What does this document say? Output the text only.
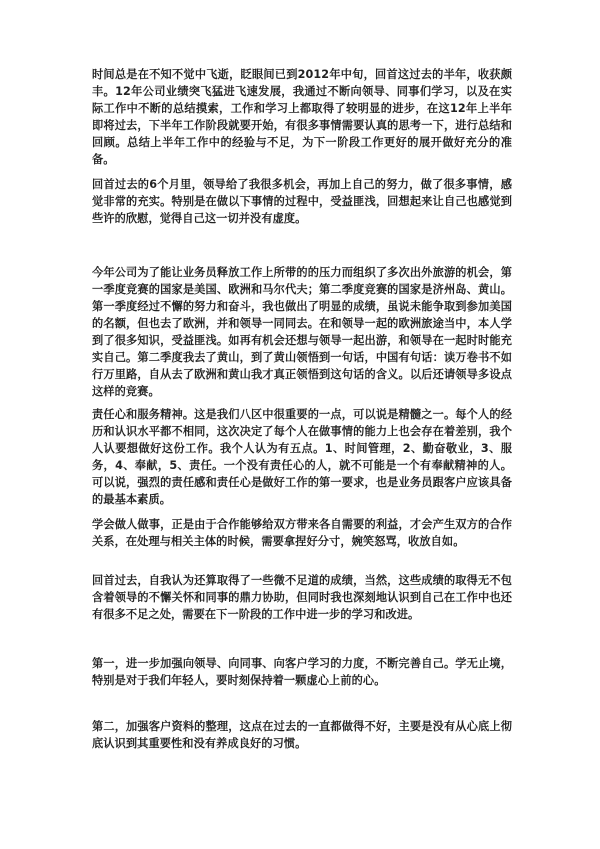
时间总是在不知不觉中飞逝，眨眼间已到2012年中旬，回首这过去的半年，收获颇丰。12年公司业绩突飞猛进飞速发展，我通过不断向领导、同事们学习，以及在实际工作中不断的总结摸索，工作和学习上都取得了较明显的进步，在这12年上半年即将过去，下半年工作阶段就要开始，有很多事情需要认真的思考一下，进行总结和回顾。总结上半年工作中的经验与不足，为下一阶段工作更好的展开做好充分的准备。

回首过去的6个月里，领导给了我很多机会，再加上自己的努力，做了很多事情，感觉非常的充实。特别是在做以下事情的过程中，受益匪浅，回想起来让自己也感觉到些许的欣慰，觉得自己这一切并没有虚度。

今年公司为了能让业务员释放工作上所带的的压力而组织了多次出外旅游的机会，第一季度竞赛的国家是美国、欧洲和马尔代夫；第二季度竞赛的国家是济州岛、黄山。第一季度经过不懈的努力和奋斗，我也做出了明显的成绩，虽说未能争取到参加美国的名额，但也去了欧洲，并和领导一同同去。在和领导一起的欧洲旅途当中，本人学到了很多知识，受益匪浅。如再有机会还想与领导一起出游，和领导在一起时时能充实自己。第二季度我去了黄山，到了黄山领悟到一句话，中国有句话：读万卷书不如行万里路，自从去了欧洲和黄山我才真正领悟到这句话的含义。以后还请领导多设点这样的竞赛。

责任心和服务精神。这是我们八区中很重要的一点，可以说是精髓之一。每个人的经历和认识水平都不相同，这次决定了每个人在做事情的能力上也会存在着差别，我个人认要想做好这份工作。我个人认为有五点。1、时间管理，2、勤奋敬业，3、服务，4、奉献，5、责任。一个没有责任心的人，就不可能是一个有奉献精神的人。可以说，强烈的责任感和责任心是做好工作的第一要求，也是业务员跟客户应该具备的最基本素质。

学会做人做事，正是由于合作能够给双方带来各自需要的利益，才会产生双方的合作关系，在处理与相关主体的时候，需要拿捏好分寸，婉笑怒骂，收放自如。

回首过去，自我认为还算取得了一些微不足道的成绩，当然，这些成绩的取得无不包含着领导的不懈关怀和同事的鼎力协助，但同时我也深刻地认识到自己在工作中也还有很多不足之处，需要在下一阶段的工作中进一步的学习和改进。

第一，进一步加强向领导、向同事、向客户学习的力度，不断完善自己。学无止境，特别是对于我们年轻人，要时刻保持着一颗虚心上前的心。

第二，加强客户资料的整理，这点在过去的一直都做得不好，主要是没有从心底上彻底认识到其重要性和没有养成良好的习惯。
